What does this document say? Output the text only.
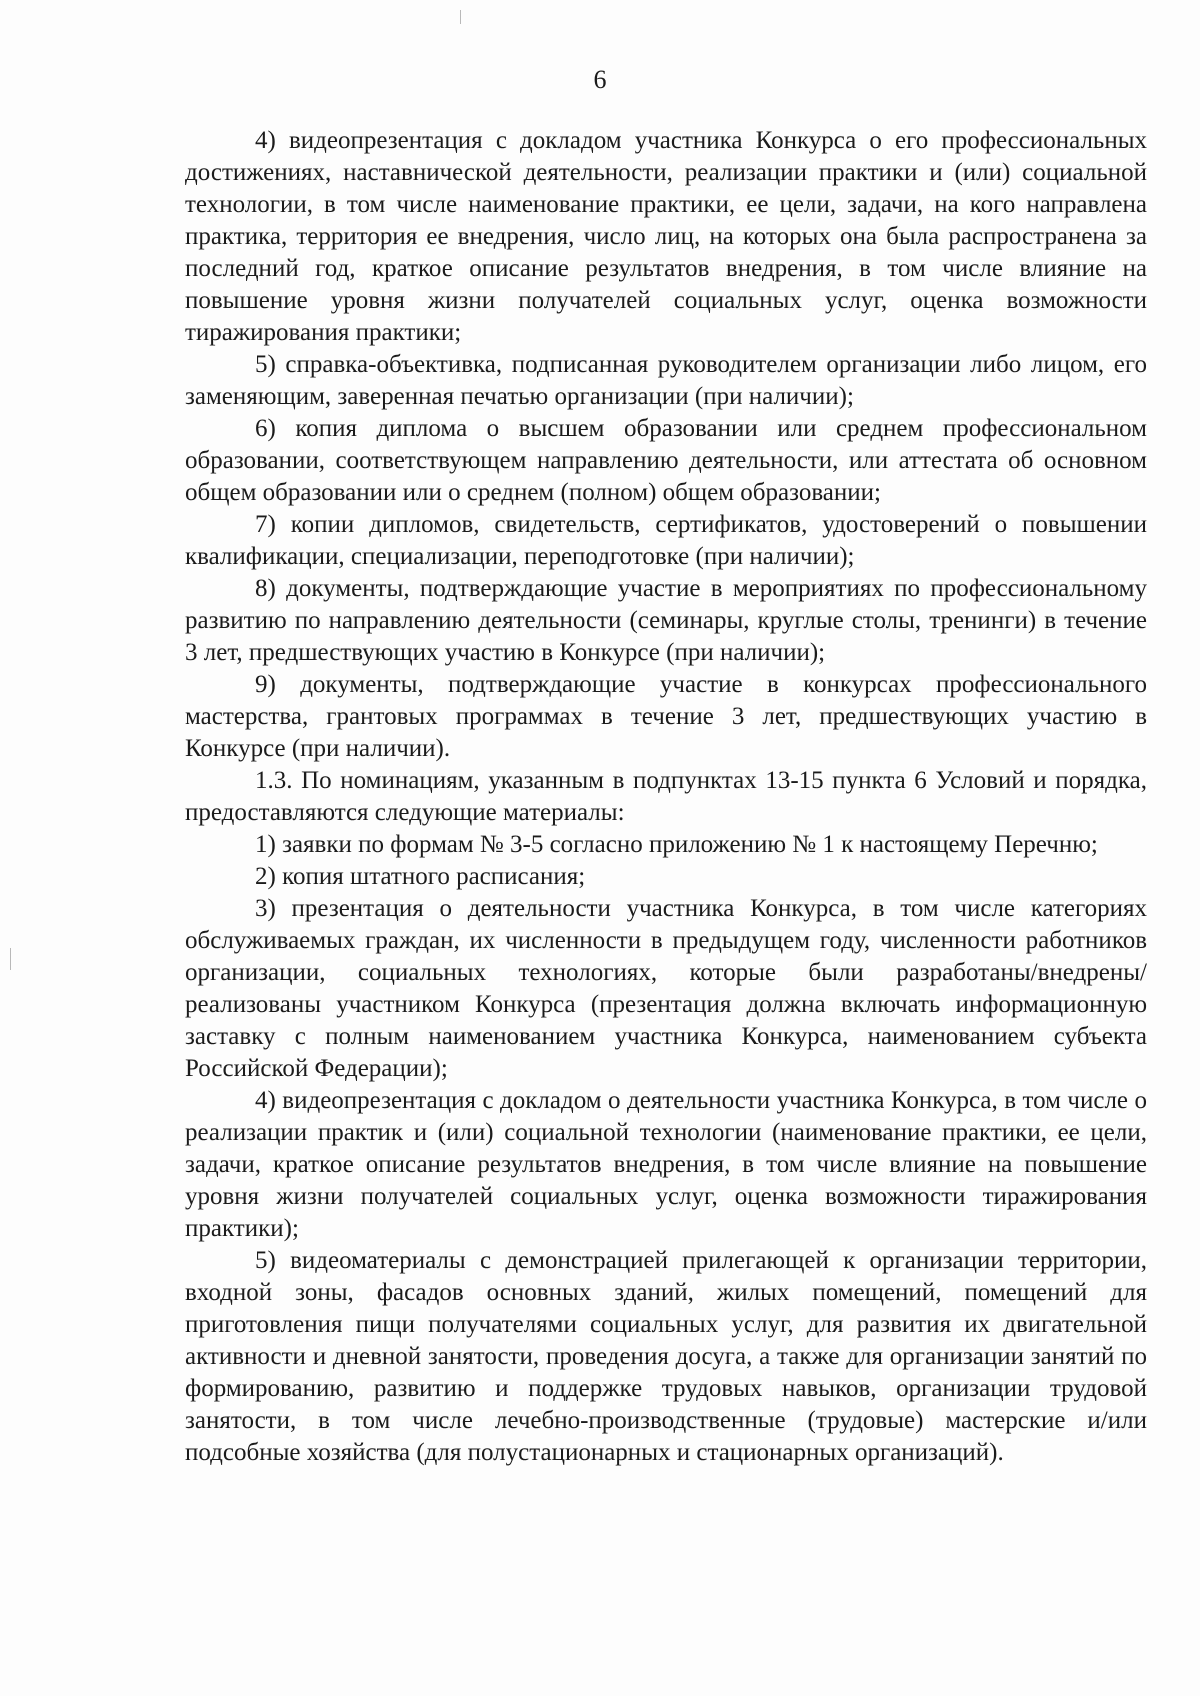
6

4) видеопрезентация с докладом участника Конкурса о его профессиональных достижениях, наставнической деятельности, реализации практики и (или) социальной технологии, в том числе наименование практики, ее цели, задачи, на кого направлена практика, территория ее внедрения, число лиц, на которых она была распространена за последний год, краткое описание результатов внедрения, в том числе влияние на повышение уровня жизни получателей социальных услуг, оценка возможности тиражирования практики;

5) справка-объективка, подписанная руководителем организации либо лицом, его заменяющим, заверенная печатью организации (при наличии);

6) копия диплома о высшем образовании или среднем профессиональном образовании, соответствующем направлению деятельности, или аттестата об основном общем образовании или о среднем (полном) общем образовании;

7) копии дипломов, свидетельств, сертификатов, удостоверений о повышении квалификации, специализации, переподготовке (при наличии);

8) документы, подтверждающие участие в мероприятиях по профессиональному развитию по направлению деятельности (семинары, круглые столы, тренинги) в течение 3 лет, предшествующих участию в Конкурсе (при наличии);

9) документы, подтверждающие участие в конкурсах профессионального мастерства, грантовых программах в течение 3 лет, предшествующих участию в Конкурсе (при наличии).

1.3. По номинациям, указанным в подпунктах 13-15 пункта 6 Условий и порядка, предоставляются следующие материалы:

1) заявки по формам № 3-5 согласно приложению № 1 к настоящему Перечню;

2) копия штатного расписания;

3) презентация о деятельности участника Конкурса, в том числе категориях обслуживаемых граждан, их численности в предыдущем году, численности работников организации, социальных технологиях, которые были разработаны/внедрены/реализованы участником Конкурса (презентация должна включать информационную заставку с полным наименованием участника Конкурса, наименованием субъекта Российской Федерации);

4) видеопрезентация с докладом о деятельности участника Конкурса, в том числе о реализации практик и (или) социальной технологии (наименование практики, ее цели, задачи, краткое описание результатов внедрения, в том числе влияние на повышение уровня жизни получателей социальных услуг, оценка возможности тиражирования практики);

5) видеоматериалы с демонстрацией прилегающей к организации территории, входной зоны, фасадов основных зданий, жилых помещений, помещений для приготовления пищи получателями социальных услуг, для развития их двигательной активности и дневной занятости, проведения досуга, а также для организации занятий по формированию, развитию и поддержке трудовых навыков, организации трудовой занятости, в том числе лечебно-производственные (трудовые) мастерские и/или подсобные хозяйства (для полустационарных и стационарных организаций).
